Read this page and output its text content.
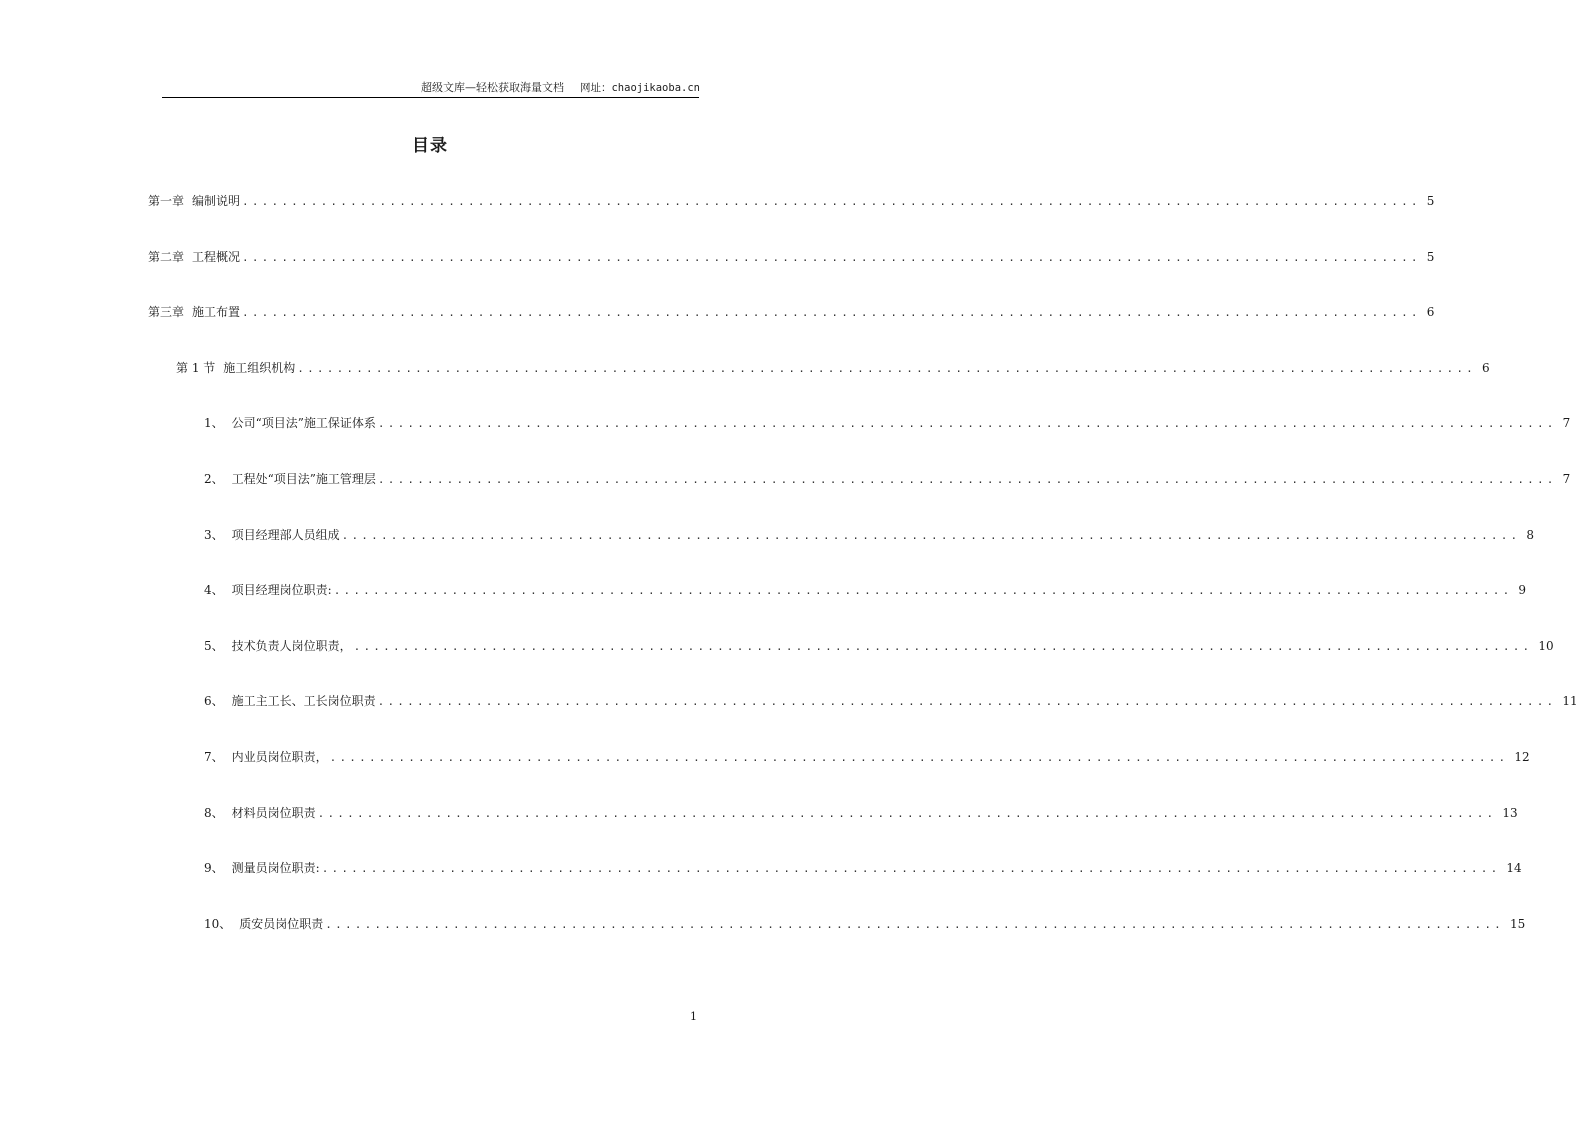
超级文库—轻松获取海量文档 网址：chaojikaoba.cn
目录
第一章 编制说明 ........................................................................................................................ 5
第二章 工程概况 ........................................................................................................................ 5
第三章 施工布置 ........................................................................................................................ 6
第 1 节 施工组织机构 ........................................................................................................................ 6
1、 公司“项目法”施工保证体系 ........................................................................................................................ 7
2、 工程处“项目法”施工管理层 ........................................................................................................................ 7
3、 项目经理部人员组成 ........................................................................................................................ 8
4、 项目经理岗位职责: ........................................................................................................................ 9
5、 技术负责人岗位职责， ........................................................................................................................ 10
6、 施工主工长、工长岗位职责 ........................................................................................................................ 11
7、 内业员岗位职责， ........................................................................................................................ 12
8、 材料员岗位职责 ........................................................................................................................ 13
9、 测量员岗位职责: ........................................................................................................................ 14
10、 质安员岗位职责 ........................................................................................................................ 15
1
